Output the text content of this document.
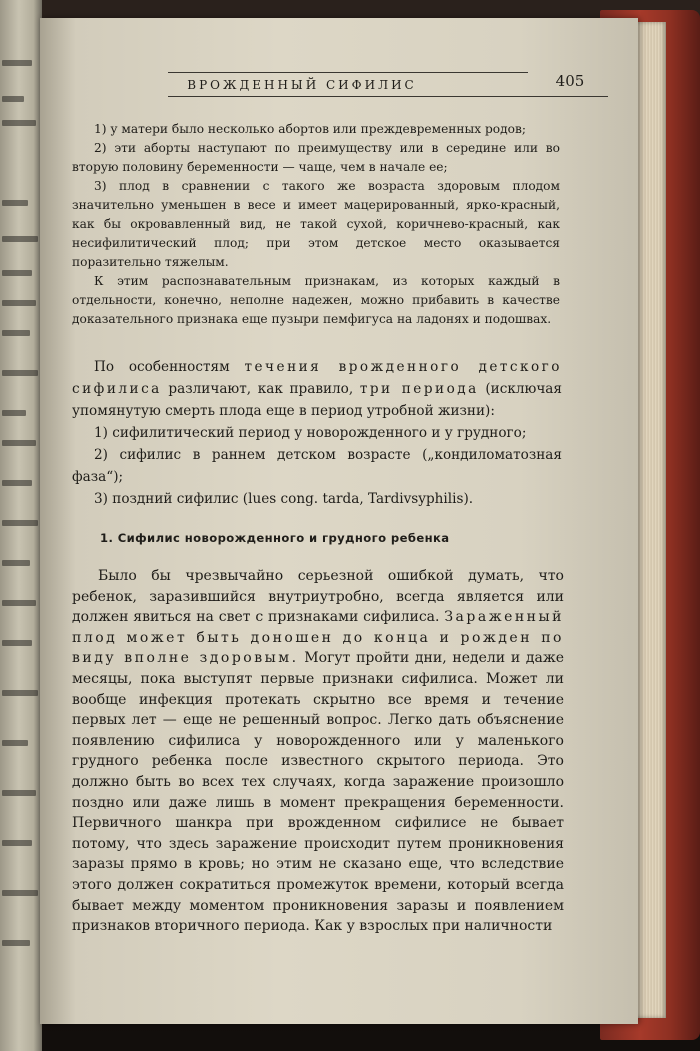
ВРОЖДЕННЫЙ СИФИЛИС	405

1) у матери было несколько абортов или преждевременных родов;

2) эти аборты наступают по преимуществу или в середине или во вторую половину беременности — чаще, чем в начале ее;

3) плод в сравнении с такого же возраста здоровым плодом значительно уменьшен в весе и имеет мацерированный, ярко-красный, как бы окровавленный вид, не такой сухой, коричнево-красный, как несифилитический плод; при этом детское место оказывается поразительно тяжелым.

К этим распознавательным признакам, из которых каждый в отдельности, конечно, неполне надежен, можно прибавить в качестве доказательного признака еще пузыри пемфигуса на ладонях и подошвах.

По особенностям течения врожденного детского сифилиса различают, как правило, три периода (исключая упомянутую смерть плода еще в период утробной жизни):

1) сифилитический период у новорожденного и у грудного;

2) сифилис в раннем детском возрасте („кондиломатозная фаза“);

3) поздний сифилис (lues cong. tarda, Tardivsyphilis).

1. Сифилис новорожденного и грудного ребенка

Было бы чрезвычайно серьезной ошибкой думать, что ребенок, заразившийся внутриутробно, всегда является или должен явиться на свет с признаками сифилиса. Зараженный плод может быть доношен до конца и рожден по виду вполне здоровым. Могут пройти дни, недели и даже месяцы, пока выступят первые признаки сифилиса. Может ли вообще инфекция протекать скрытно все время и течение первых лет — еще не решенный вопрос. Легко дать объяснение появлению сифилиса у новорожденного или у маленького грудного ребенка после известного скрытого периода. Это должно быть во всех тех случаях, когда заражение произошло поздно или даже лишь в момент прекращения беременности. Первичного шанкра при врожденном сифилисе не бывает потому, что здесь заражение происходит путем проникновения заразы прямо в кровь; но этим не сказано еще, что вследствие этого должен сократиться промежуток времени, который всегда бывает между моментом проникновения заразы и появлением признаков вторичного периода. Как у взрослых при наличности
